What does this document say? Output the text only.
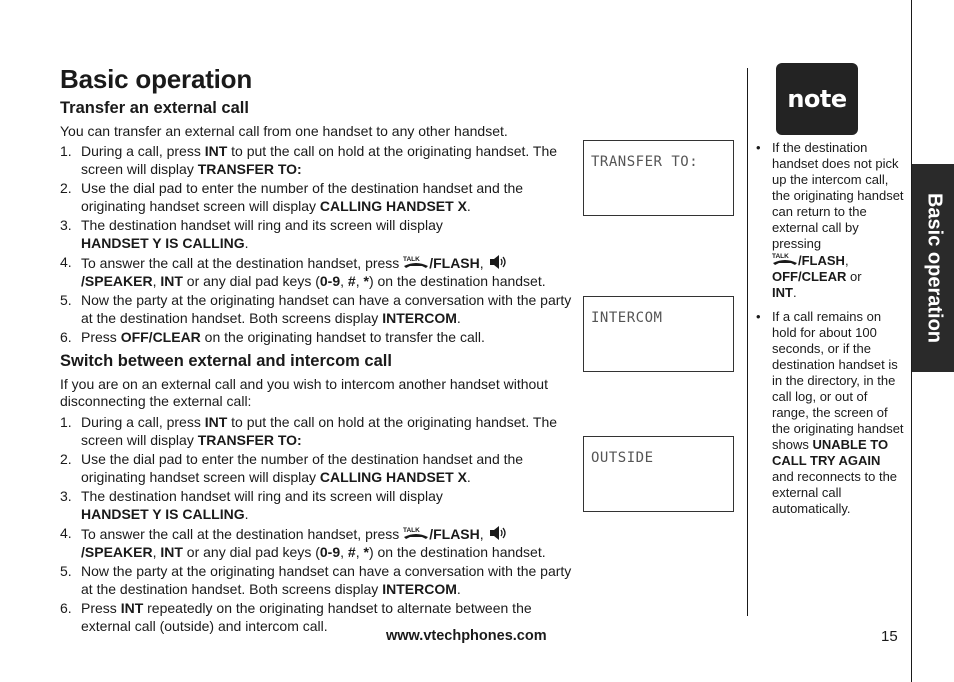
Basic operation
Transfer an external call
You can transfer an external call from one handset to any other handset.
1. During a call, press INT to put the call on hold at the originating handset. The screen will display TRANSFER TO:
2. Use the dial pad to enter the number of the destination handset and the originating handset screen will display CALLING HANDSET X.
3. The destination handset will ring and its screen will display
HANDSET Y IS CALLING.
4. To answer the call at the destination handset, press TALK /FLASH,
/SPEAKER, INT or any dial pad keys (0-9, #, *) on the destination handset.
5. Now the party at the originating handset can have a conversation with the party at the destination handset. Both screens display INTERCOM.
6. Press OFF/CLEAR on the originating handset to transfer the call.
Switch between external and intercom call
If you are on an external call and you wish to intercom another handset without disconnecting the external call:
1. During a call, press INT to put the call on hold at the originating handset. The screen will display TRANSFER TO:
2. Use the dial pad to enter the number of the destination handset and the originating handset screen will display CALLING HANDSET X.
3. The destination handset will ring and its screen will display
HANDSET Y IS CALLING.
4. To answer the call at the destination handset, press TALK /FLASH,
/SPEAKER, INT or any dial pad keys (0-9, #, *) on the destination handset.
5. Now the party at the originating handset can have a conversation with the party at the destination handset. Both screens display INTERCOM.
6. Press INT repeatedly on the originating handset to alternate between the external call (outside) and intercom call.
TRANSFER TO:
INTERCOM
OUTSIDE
note
• If the destination handset does not pick up the intercom call, the originating handset can return to the external call by pressing

TALK /FLASH,
OFF/CLEAR or
INT.
• If a call remains on hold for about 100 seconds, or if the destination handset is in the directory, in the call log, or out of range, the screen of the originating handset shows UNABLE TO CALL TRY AGAIN and reconnects to the external call automatically.
Basic operation
www.vtechphones.com	15
